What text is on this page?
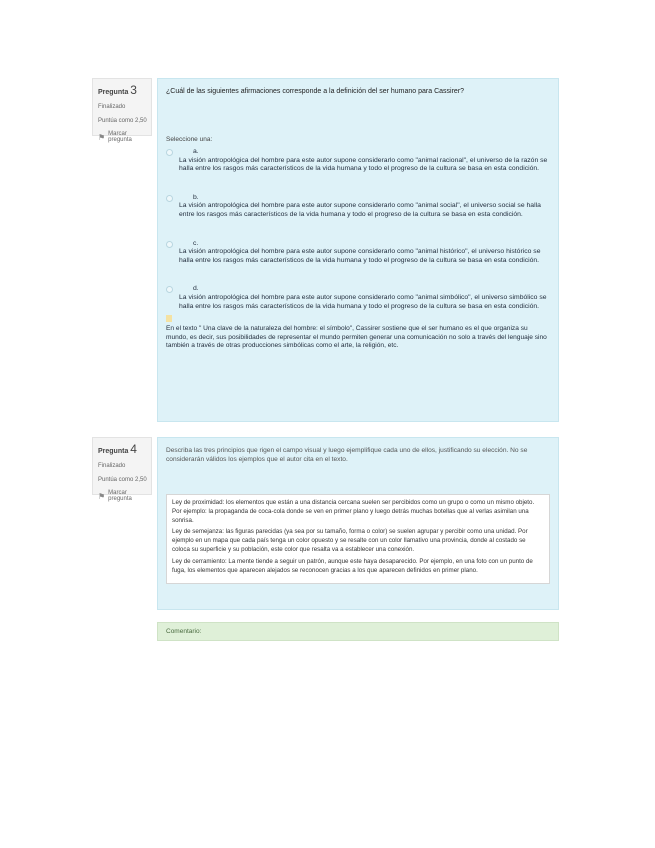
Pregunta 3
Finalizado
Puntúa como 2,50
⚑ Marcar pregunta
¿Cuál de las siguientes afirmaciones corresponde a la definición del ser humano para Cassirer?
Seleccione una:
a.
La visión antropológica del hombre para este autor supone considerarlo como "animal racional", el universo de la razón se halla entre los rasgos más característicos de la vida humana y todo el progreso de la cultura se basa en esta condición.
b.
La visión antropológica del hombre para este autor supone considerarlo como "animal social", el universo social se halla entre los rasgos más característicos de la vida humana y todo el progreso de la cultura se basa en esta condición.
c.
La visión antropológica del hombre para este autor supone considerarlo como "animal histórico", el universo histórico se halla entre los rasgos más característicos de la vida humana y todo el progreso de la cultura se basa en esta condición.
d.
La visión antropológica del hombre para este autor supone considerarlo como "animal simbólico", el universo simbólico se halla entre los rasgos más característicos de la vida humana y todo el progreso de la cultura se basa en esta condición.
En el texto " Una clave de la naturaleza del hombre: el símbolo", Cassirer sostiene que el ser humano es el que organiza su mundo, es decir, sus posibilidades de representar el mundo permiten generar una comunicación no solo a través del lenguaje sino también a través de otras producciones simbólicas como el arte, la religión, etc.
Pregunta 4
Finalizado
Puntúa como 2,50
⚑ Marcar pregunta
Describa las tres principios que rigen el campo visual y luego ejemplifique cada uno de ellos, justificando su elección. No se considerarán válidos los ejemplos que el autor cita en el texto.

Ley de proximidad: los elementos que están a una distancia cercana suelen ser percibidos como un grupo o como un mismo objeto. Por ejemplo: la propaganda de coca-cola donde se ven en primer plano y luego detrás muchas botellas que al verlas asimilan una sonrisa.

Ley de semejanza: las figuras parecidas (ya sea por su tamaño, forma o color) se suelen agrupar y percibir como una unidad. Por ejemplo en un mapa que cada país tenga un color opuesto y se resalte con un color llamativo una provincia, donde al costado se coloca su superficie y su población, este color que resalta va a establecer una conexión.

Ley de cerramiento: La mente tiende a seguir un patrón, aunque este haya desaparecido. Por ejemplo, en una foto con un punto de fuga, los elementos que aparecen alejados se reconocen gracias a los que aparecen definidos en primer plano.

Comentario:
